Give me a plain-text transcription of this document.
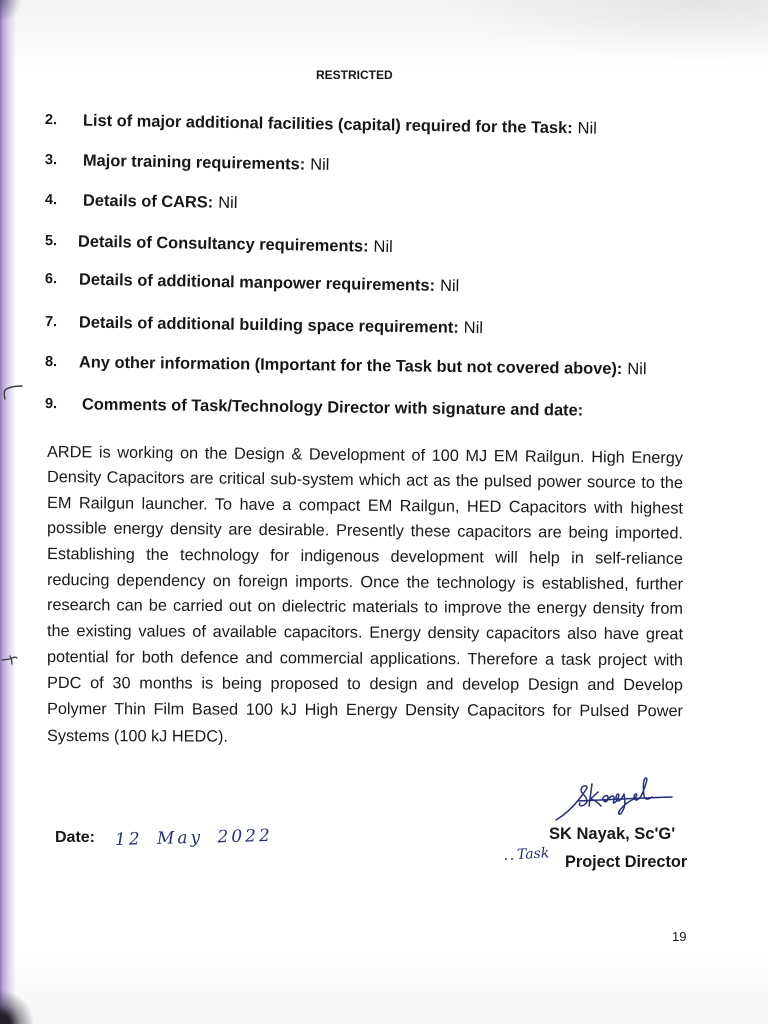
RESTRICTED
2. List of major additional facilities (capital) required for the Task: Nil
3. Major training requirements: Nil
4. Details of CARS: Nil
5. Details of Consultancy requirements: Nil
6. Details of additional manpower requirements: Nil
7. Details of additional building space requirement: Nil
8. Any other information (Important for the Task but not covered above): Nil
9. Comments of Task/Technology Director with signature and date:
ARDE is working on the Design & Development of 100 MJ EM Railgun. High Energy
Density Capacitors are critical sub-system which act as the pulsed power source to the
EM Railgun launcher. To have a compact EM Railgun, HED Capacitors with highest
possible energy density are desirable. Presently these capacitors are being imported.
Establishing the technology for indigenous development will help in self-reliance
reducing dependency on foreign imports. Once the technology is established, further
research can be carried out on dielectric materials to improve the energy density from
the existing values of available capacitors. Energy density capacitors also have great
potential for both defence and commercial applications. Therefore a task project with
PDC of 30 months is being proposed to design and develop Design and Develop
Polymer Thin Film Based 100 kJ High Energy Density Capacitors for Pulsed Power
Systems (100 kJ HEDC).
Date: 12 May 2022	SK Nayak, Sc'G'
Task Project Director
19
